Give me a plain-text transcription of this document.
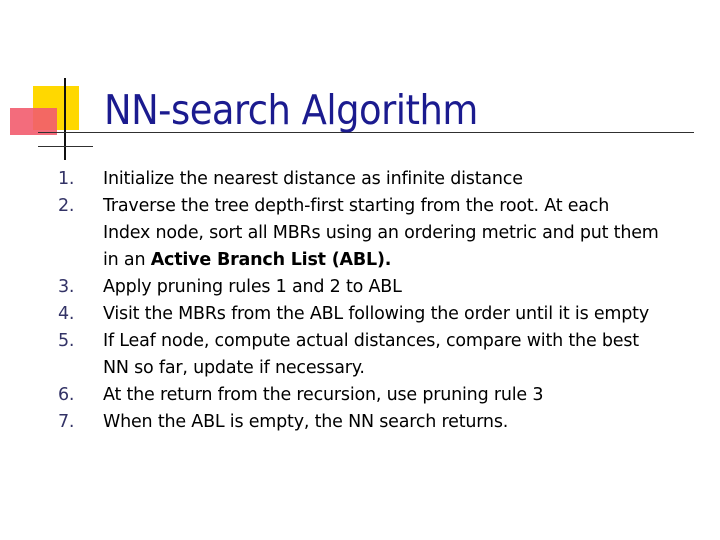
NN-search Algorithm
1.	Initialize the nearest distance as infinite distance
2.	Traverse the tree depth-first starting from the root. At each
Index node, sort all MBRs using an ordering metric and put them
in an Active Branch List (ABL).
3.	Apply pruning rules 1 and 2 to ABL
4.	Visit the MBRs from the ABL following the order until it is empty
5.	If Leaf node, compute actual distances, compare with the best
NN so far, update if necessary.
6.	At the return from the recursion, use pruning rule 3
7.	When the ABL is empty, the NN search returns.
